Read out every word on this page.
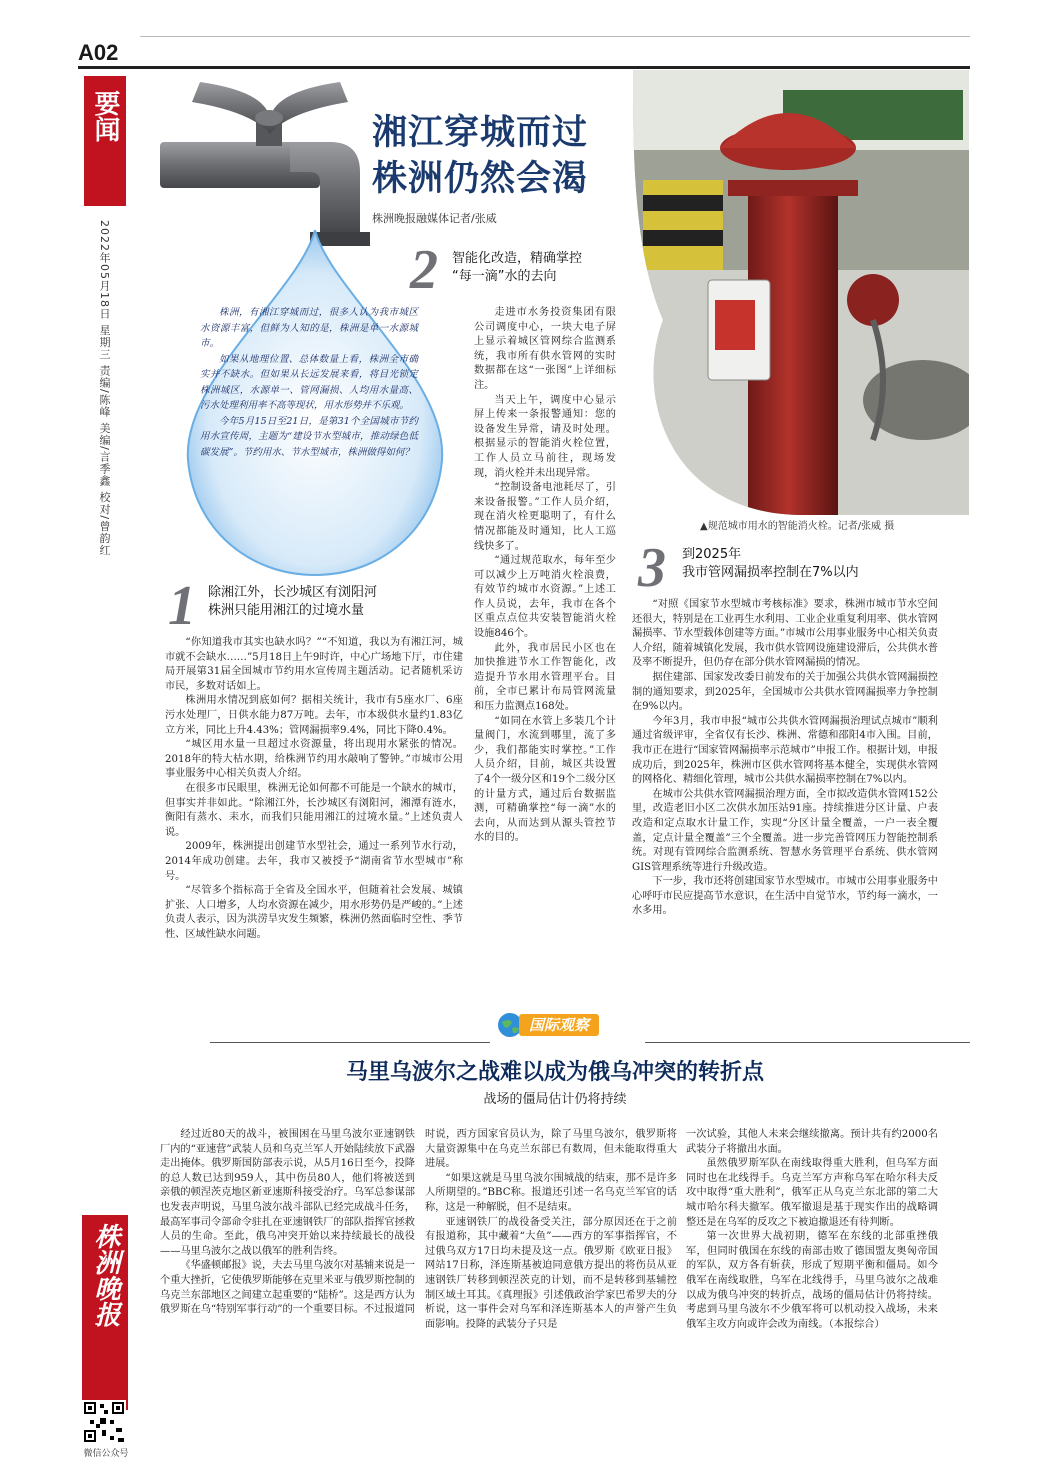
A02
要闻
2022年05月18日 星期三 责编/陈峰 美编/言季鑫 校对/曾韵红	株洲，有湘江穿城而过，很多人认为我市城区水资源丰富，但鲜为人知的是，株洲是单一水源城市。

如果从地理位置、总体数量上看，株洲全市确实并不缺水。但如果从长远发展来看，将目光锁定株洲城区，水源单一、管网漏损、人均用水量高、污水处理利用率不高等现状，用水形势并不乐观。

今年5月15日至21日，是第31个全国城市节约用水宣传周，主题为“建设节水型城市，推动绿色低碳发展”。节约用水、节水型城市，株洲做得如何？

湘江穿城而过
株洲仍然会渴
株洲晚报融媒体记者/张威
▲规范城市用水的智能消火栓。记者/张威 摄
2 智能化改造，精确掌控
“每一滴”水的去向

走进市水务投资集团有限公司调度中心，一块大电子屏上显示着城区管网综合监测系统，我市所有供水管网的实时数据都在这“一张图”上详细标注。

当天上午，调度中心显示屏上传来一条报警通知：您的设备发生异常，请及时处理。根据显示的智能消火栓位置，工作人员立马前往，现场发现，消火栓并未出现异常。

“控制设备电池耗尽了，引来设备报警。”工作人员介绍，现在消火栓更聪明了，有什么情况都能及时通知，比人工巡线快多了。

“通过规范取水，每年至少可以减少上万吨消火栓浪费，有效节约城市水资源。”上述工作人员说，去年，我市在各个区重点点位共安装智能消火栓设施846个。

此外，我市居民小区也在加快推进节水工作智能化，改造提升节水用水管理平台。目前，全市已累计布局管网流量和压力监测点168处。

“如同在水管上多装几个计量阀门，水流到哪里，流了多少，我们都能实时掌控。”工作人员介绍，目前，城区共设置了4个一级分区和19个二级分区的计量方式，通过后台数据监测，可精确掌控“每一滴”水的去向，从而达到从源头管控节水的目的。

1 除湘江外，长沙城区有浏阳河
株洲只能用湘江的过境水量

“你知道我市其实也缺水吗？”“不知道，我以为有湘江河，城市就不会缺水……”5月18日上午9时许，中心广场地下厅，市住建局开展第31届全国城市节约用水宣传周主题活动。记者随机采访市民，多数对话如上。

株洲用水情况到底如何？据相关统计，我市有5座水厂、6座污水处理厂，日供水能力87万吨。去年，市本级供水量约1.83亿立方米，同比上升4.43%；管网漏损率9.4%，同比下降0.4%。

“城区用水量一旦超过水资源量，将出现用水紧张的情况。2018年的特大枯水期，给株洲节约用水敲响了警钟。”市城市公用事业服务中心相关负责人介绍。

在很多市民眼里，株洲无论如何都不可能是一个缺水的城市，但事实并非如此。“除湘江外，长沙城区有浏阳河，湘潭有涟水，衡阳有蒸水、耒水，而我们只能用湘江的过境水量。”上述负责人说。

2009年，株洲提出创建节水型社会，通过一系列节水行动，2014年成功创建。去年，我市又被授予“湖南省节水型城市”称号。

“尽管多个指标高于全省及全国水平，但随着社会发展、城镇扩张、人口增多，人均水资源在减少，用水形势仍是严峻的。”上述负责人表示，因为洪涝旱灾发生频繁，株洲仍然面临时空性、季节性、区域性缺水问题。

3 到2025年
我市管网漏损率控制在7%以内

“对照《国家节水型城市考核标准》要求，株洲市城市节水空间还很大，特别是在工业再生水利用、工业企业重复利用率、供水管网漏损率、节水型载体创建等方面。”市城市公用事业服务中心相关负责人介绍，随着城镇化发展，我市供水管网设施建设滞后，公共供水普及率不断提升，但仍存在部分供水管网漏损的情况。

据住建部、国家发改委日前发布的关于加强公共供水管网漏损控制的通知要求，到2025年，全国城市公共供水管网漏损率力争控制在9%以内。

今年3月，我市申报“城市公共供水管网漏损治理试点城市”顺利通过省级评审，全省仅有长沙、株洲、常德和邵阳4市入围。目前，我市正在进行“国家管网漏损率示范城市”申报工作。根据计划，申报成功后，到2025年，株洲市区供水管网将基本健全，实现供水管网的网格化、精细化管理，城市公共供水漏损率控制在7%以内。

在城市公共供水管网漏损治理方面，全市拟改造供水管网152公里，改造老旧小区二次供水加压站91座。持续推进分区计量、户表改造和定点取水计量工作，实现“分区计量全覆盖，一户一表全覆盖，定点计量全覆盖”三个全覆盖。进一步完善管网压力智能控制系统。对现有管网综合监测系统、智慧水务管理平台系统、供水管网GIS管理系统等进行升级改造。

下一步，我市还将创建国家节水型城市。市城市公用事业服务中心呼吁市民应提高节水意识，在生活中自觉节水，节约每一滴水，一水多用。

国际观察
马里乌波尔之战难以成为俄乌冲突的转折点
战场的僵局估计仍将持续

经过近80天的战斗，被围困在马里乌波尔亚速钢铁厂内的“亚速营”武装人员和乌克兰军人开始陆续放下武器走出掩体。俄罗斯国防部表示说，从5月16日至今，投降的总人数已达到959人，其中伤员80人，他们将被送到亲俄的顿涅茨克地区新亚速斯科接受治疗。乌军总参谋部也发表声明说，马里乌波尔战斗部队已经完成战斗任务，最高军事司令部命令驻扎在亚速钢铁厂的部队指挥官拯救人员的生命。至此，俄乌冲突开始以来持续最长的战役——马里乌波尔之战以俄军的胜利告终。

《华盛顿邮报》说，夫去马里乌波尔对基辅来说是一个重大挫折，它使俄罗斯能够在克里米亚与俄罗斯控制的乌克兰东部地区之间建立起重要的“陆桥”。这是西方认为俄罗斯在乌“特别军事行动”的一个重要目标。不过报道同

时说，西方国家官员认为，除了马里乌波尔，俄罗斯将大量资源集中在乌克兰东部已有数周，但未能取得重大进展。

“如果这就是马里乌波尔围城战的结束，那不是许多人所期望的。”BBC称。报道还引述一名乌克兰军官的话称，这是一种解脱，但不是结束。

亚速钢铁厂的战役备受关注，部分原因还在于之前有报道称，其中藏着“大鱼”——西方的军事指挥官，不过俄乌双方17日均未提及这一点。俄罗斯《欧亚日报》网站17日称，泽连斯基被迫同意俄方提出的将伤员从亚速钢铁厂转移到顿涅茨克的计划，而不是转移到基辅控制区域土耳其。《真理报》引述俄政治学家巴希罗夫的分析说，这一事件会对乌军和泽连斯基本人的声誉产生负面影响。投降的武装分子只是

一次试验，其他人未来会继续撤离。预计共有约2000名武装分子将撤出水面。

虽然俄罗斯军队在南线取得重大胜利，但乌军方面同时也在北线得手。乌克兰军方声称乌军在哈尔科夫反攻中取得“重大胜利”，俄军正从乌克兰东北部的第二大城市哈尔科夫撤军。俄军撤退是基于现实作出的战略调整还是在乌军的反攻之下被迫撤退还有待判断。

第一次世界大战初期，德军在东线的北部重挫俄军，但同时俄国在东线的南部击败了德国盟友奥匈帝国的军队，双方各有斩获，形成了短期平衡和僵局。如今俄军在南线取胜，乌军在北线得手，马里乌波尔之战难以成为俄乌冲突的转折点，战场的僵局估计仍将持续。考虑到马里乌波尔不少俄军将可以机动投入战场，未来俄军主攻方向或许会改为南线。（本报综合）

株洲晚报
微信公众号
